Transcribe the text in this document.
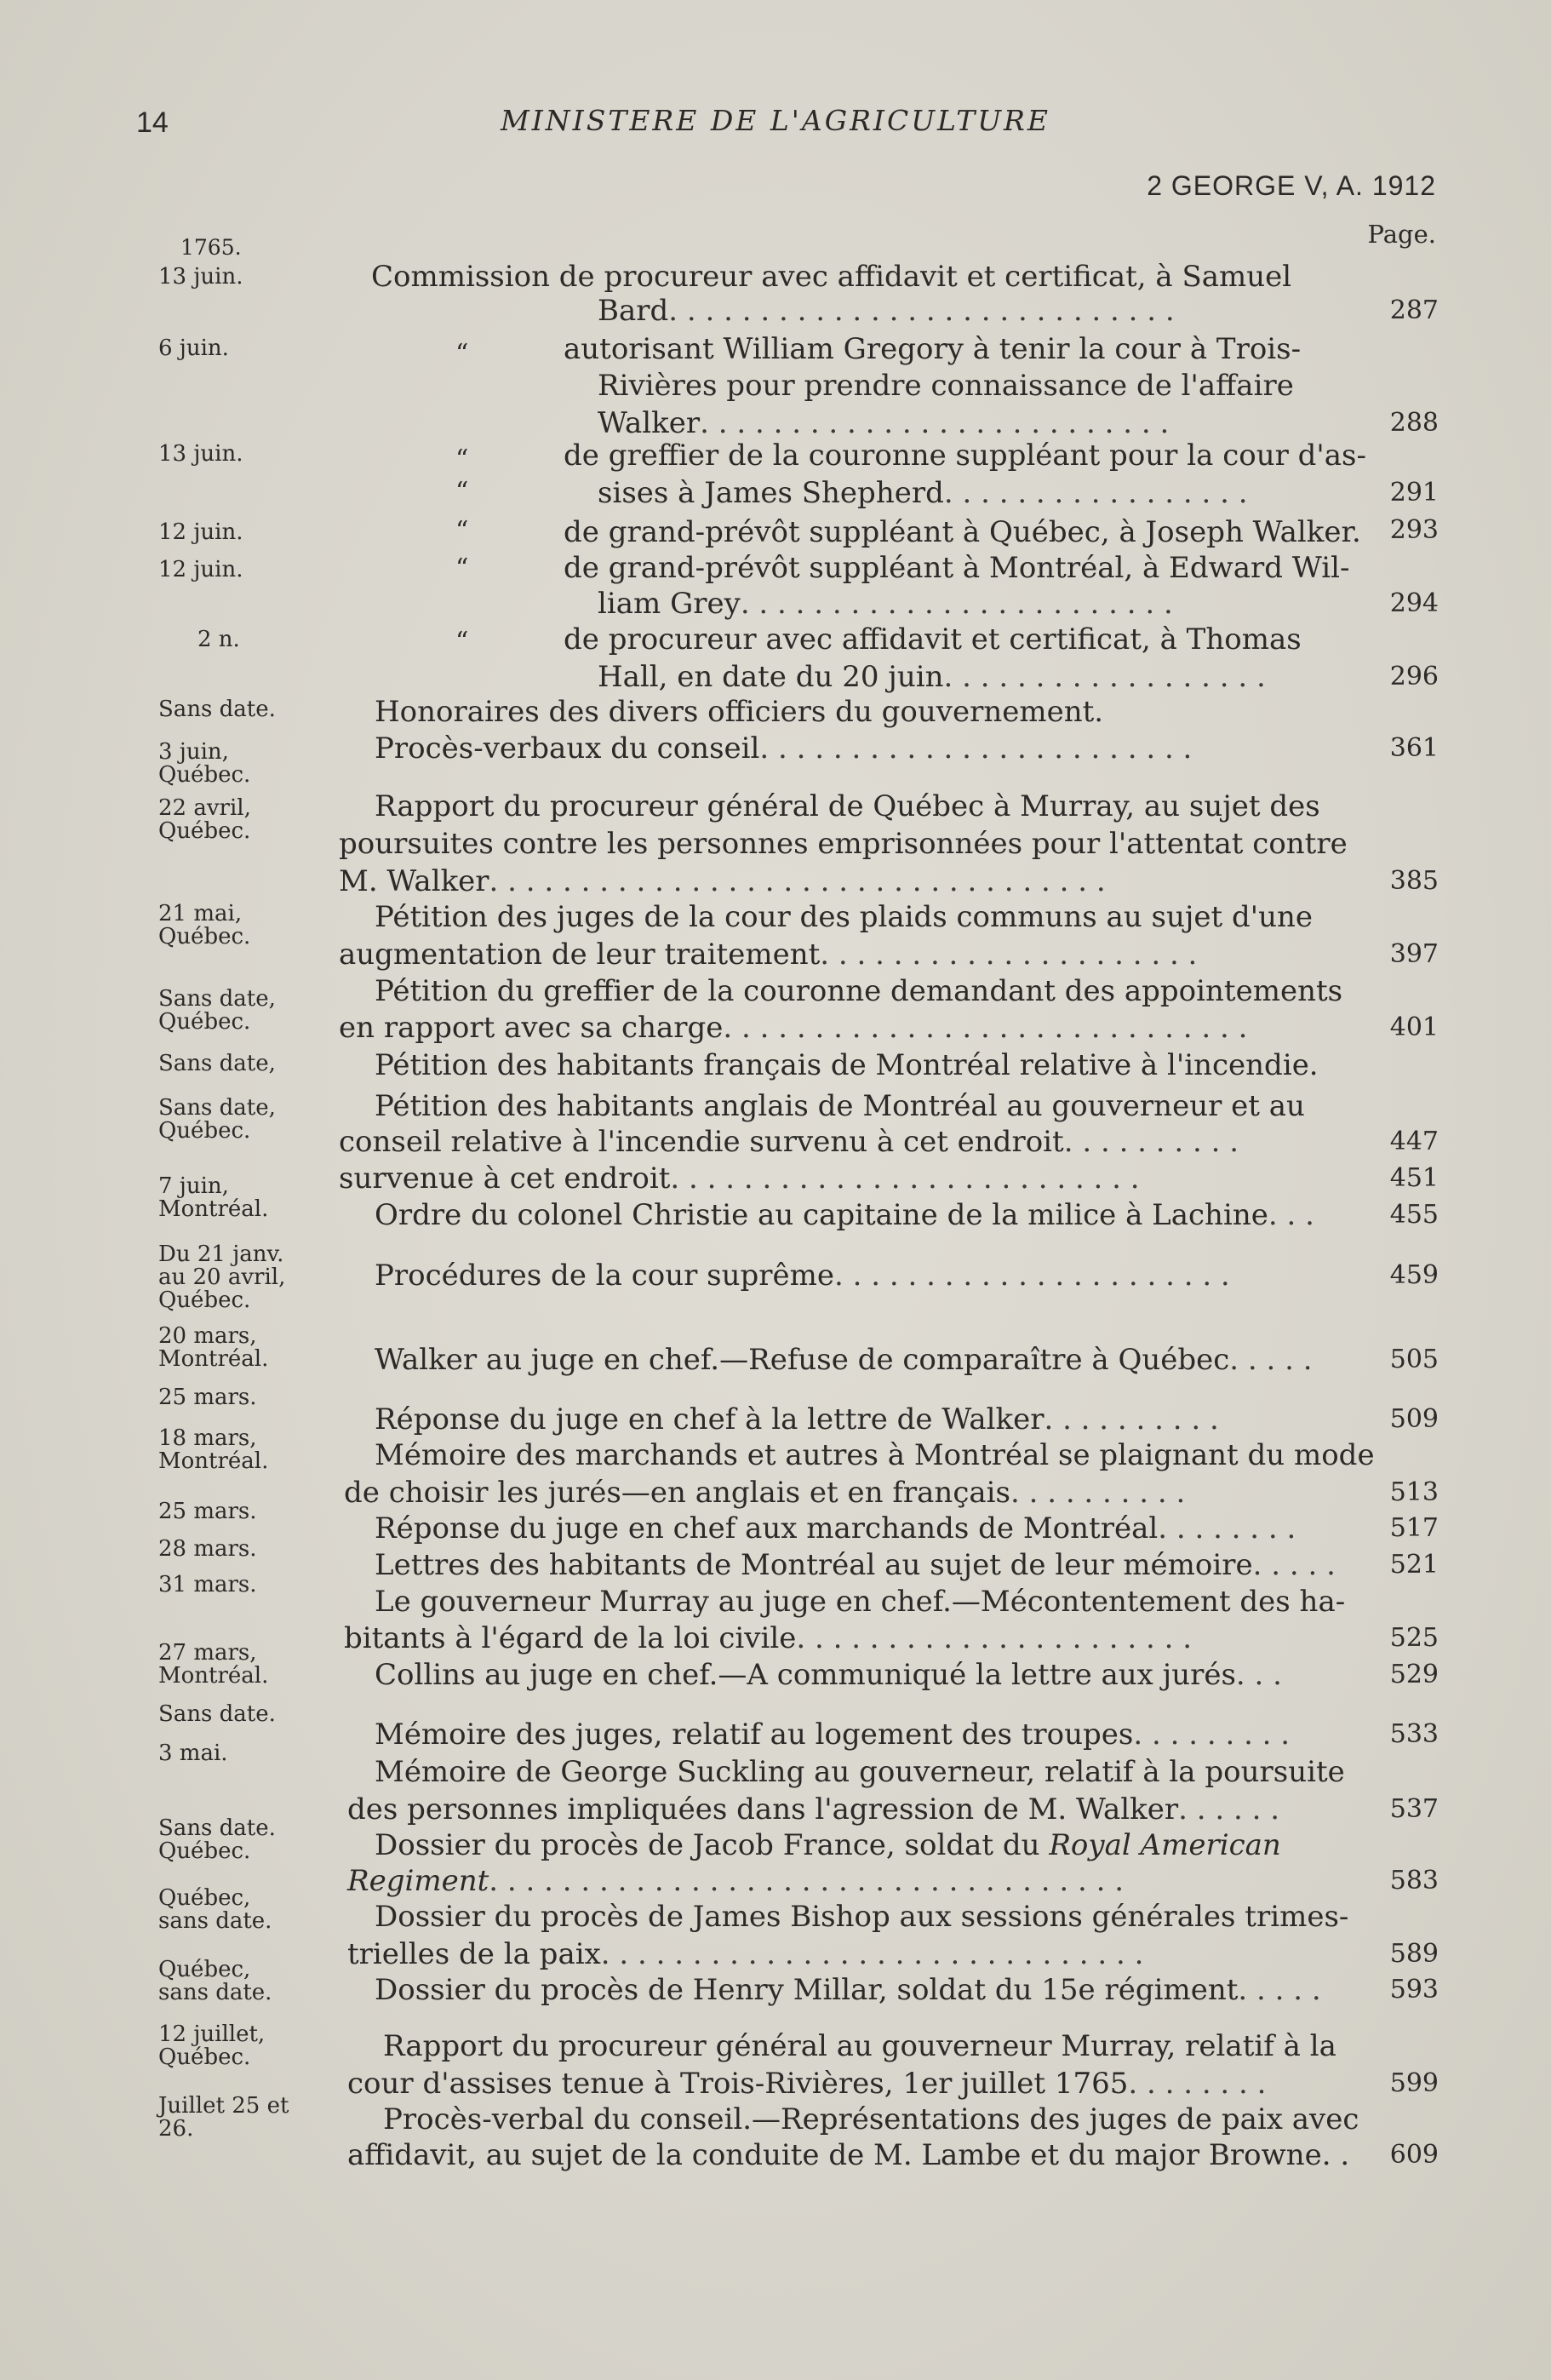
14	MINISTERE DE L'AGRICULTURE
2 GEORGE V, A. 1912
Page.
1765.
13 juin.
6 juin.
13 juin.
12 juin.
12 juin.
2 n.
Sans date.
3 juin,
Québec.
22 avril,
Québec.
21 mai,
Québec.
Sans date,
Québec.
Sans date,
Sans date,
Québec.
7 juin,
Montréal.
Du 21 janv.
au 20 avril,
Québec.
20 mars,
Montréal.
25 mars.
18 mars,
Montréal.
25 mars.
28 mars.
31 mars.
27 mars,
Montréal.
Sans date.
3 mai.
Sans date.
Québec.
Québec,
sans date.
Québec,
sans date.
12 juillet,
Québec.
Juillet 25 et
26.
“
“
“
“
“
“
Commission de procureur avec affidavit et certificat, à Samuel
Bard. . . . . . . . . . . . . . . . . . . . . . . . . . . .
autorisant William Gregory à tenir la cour à Trois-
Rivières pour prendre connaissance de l'affaire
Walker. . . . . . . . . . . . . . . . . . . . . . . . . .
de greffier de la couronne suppléant pour la cour d'as-
sises à James Shepherd. . . . . . . . . . . . . . . . .
de grand-prévôt suppléant à Québec, à Joseph Walker.
de grand-prévôt suppléant à Montréal, à Edward Wil-
liam Grey. . . . . . . . . . . . . . . . . . . . . . . .
de procureur avec affidavit et certificat, à Thomas
Hall, en date du 20 juin. . . . . . . . . . . . . . . . . .
Honoraires des divers officiers du gouvernement.
Procès-verbaux du conseil. . . . . . . . . . . . . . . . . . . . . . . .
Rapport du procureur général de Québec à Murray, au sujet des
poursuites contre les personnes emprisonnées pour l'attentat contre
M. Walker. . . . . . . . . . . . . . . . . . . . . . . . . . . . . . . . . .
Pétition des juges de la cour des plaids communs au sujet d'une
augmentation de leur traitement. . . . . . . . . . . . . . . . . . . . .
Pétition du greffier de la couronne demandant des appointements
en rapport avec sa charge. . . . . . . . . . . . . . . . . . . . . . . . . . . . .
Pétition des habitants français de Montréal relative à l'incendie.
Pétition des habitants anglais de Montréal au gouverneur et au
conseil relative à l'incendie survenu à cet endroit. . . . . . . . . .
survenue à cet endroit. . . . . . . . . . . . . . . . . . . . . . . . . .
Ordre du colonel Christie au capitaine de la milice à Lachine. . .
Procédures de la cour suprême. . . . . . . . . . . . . . . . . . . . . .
Walker au juge en chef.—Refuse de comparaître à Québec. . . . .
Réponse du juge en chef à la lettre de Walker. . . . . . . . . .
Mémoire des marchands et autres à Montréal se plaignant du mode
de choisir les jurés—en anglais et en français. . . . . . . . . .
Réponse du juge en chef aux marchands de Montréal. . . . . . . .
Lettres des habitants de Montréal au sujet de leur mémoire. . . . .
Le gouverneur Murray au juge en chef.—Mécontentement des ha-
bitants à l'égard de la loi civile. . . . . . . . . . . . . . . . . . . . . .
Collins au juge en chef.—A communiqué la lettre aux jurés. . .
Mémoire des juges, relatif au logement des troupes. . . . . . . . .
Mémoire de George Suckling au gouverneur, relatif à la poursuite
des personnes impliquées dans l'agression de M. Walker. . . . . .
Dossier du procès de Jacob France, soldat du Royal American
Regiment. . . . . . . . . . . . . . . . . . . . . . . . . . . . . . . . . . .
Dossier du procès de James Bishop aux sessions générales trimes-
trielles de la paix. . . . . . . . . . . . . . . . . . . . . . . . . . . . . .
Dossier du procès de Henry Millar, soldat du 15e régiment. . . . .
Rapport du procureur général au gouverneur Murray, relatif à la
cour d'assises tenue à Trois-Rivières, 1er juillet 1765. . . . . . . .
Procès-verbal du conseil.—Représentations des juges de paix avec
affidavit, au sujet de la conduite de M. Lambe et du major Browne. .
287
288
291
293
294
296
361
385
397
401
447
451
455
459
505
509
513
517
521
525
529
533
537
583
589
593
599
609
